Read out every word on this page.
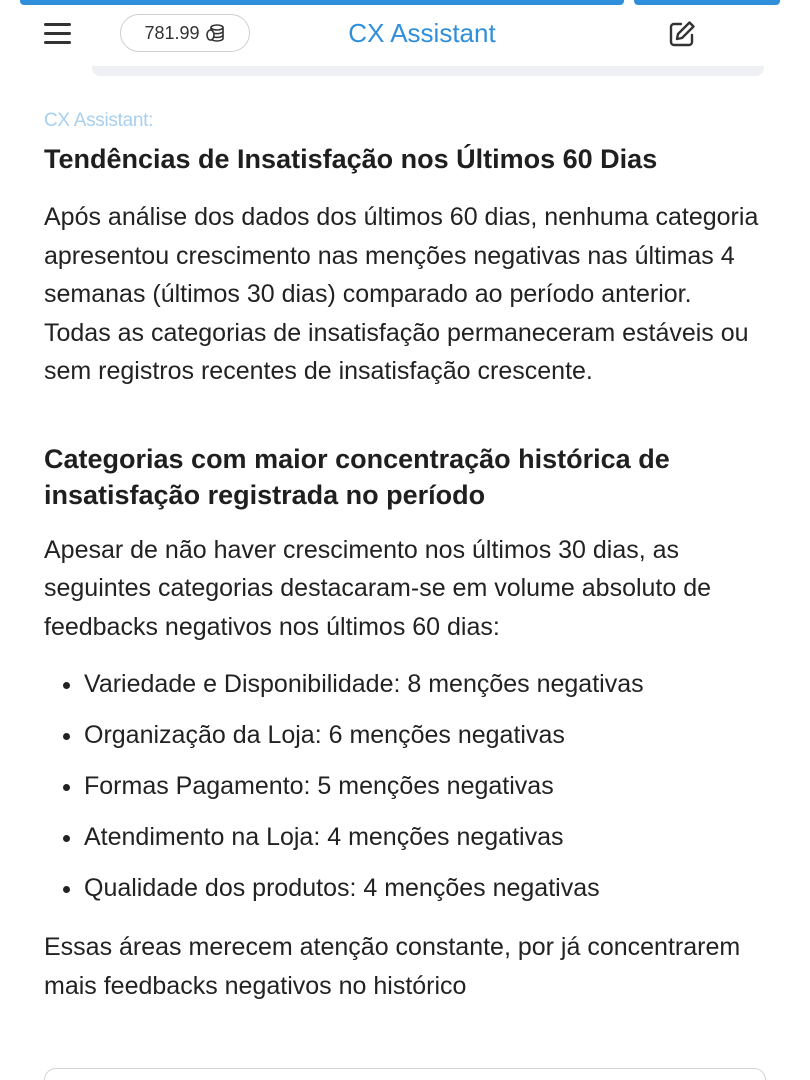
781.99	CX Assistant
CX Assistant:
Tendências de Insatisfação nos Últimos 60 Dias

Após análise dos dados dos últimos 60 dias, nenhuma categoria apresentou crescimento nas menções negativas nas últimas 4 semanas (últimos 30 dias) comparado ao período anterior. Todas as categorias de insatisfação permaneceram estáveis ou sem registros recentes de insatisfação crescente.

Categorias com maior concentração histórica de insatisfação registrada no período

Apesar de não haver crescimento nos últimos 30 dias, as seguintes categorias destacaram-se em volume absoluto de feedbacks negativos nos últimos 60 dias:

• Variedade e Disponibilidade: 8 menções negativas
• Organização da Loja: 6 menções negativas
• Formas Pagamento: 5 menções negativas
• Atendimento na Loja: 4 menções negativas
• Qualidade dos produtos: 4 menções negativas

Essas áreas merecem atenção constante, por já concentrarem mais feedbacks negativos no histórico
